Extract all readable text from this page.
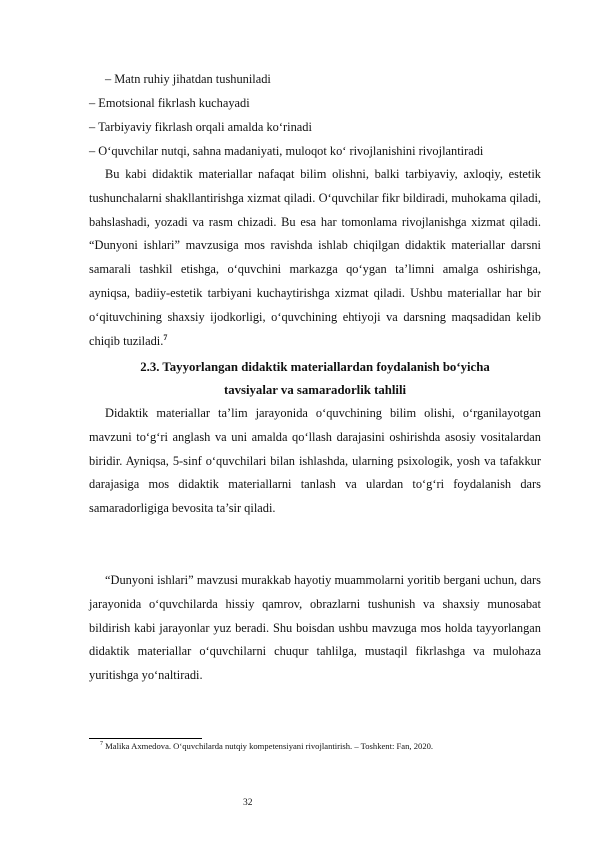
– Matn ruhiy jihatdan tushuniladi
– Emotsional fikrlash kuchayadi
– Tarbiyaviy fikrlash orqali amalda ko‘rinadi
– O‘quvchilar nutqi, sahna madaniyati, muloqot ko‘ rivojlanishini rivojlantiradi

Bu kabi didaktik materiallar nafaqat bilim olishni, balki tarbiyaviy, axloqiy, estetik tushunchalarni shakllantirishga xizmat qiladi. O‘quvchilar fikr bildiradi, muhokama qiladi, bahslashadi, yozadi va rasm chizadi. Bu esa har tomonlama rivojlanishga xizmat qiladi. “Dunyoni ishlari” mavzusiga mos ravishda ishlab chiqilgan didaktik materiallar darsni samarali tashkil etishga, o‘quvchini markazga qo‘ygan ta’limni amalga oshirishga, ayniqsa, badiiy-estetik tarbiyani kuchaytirishga xizmat qiladi. Ushbu materiallar har bir o‘qituvchining shaxsiy ijodkorligi, o‘quvchining ehtiyoji va darsning maqsadidan kelib chiqib tuziladi.$^7$

2.3. Tayyorlangan didaktik materiallardan foydalanish bo‘yicha
tavsiyalar va samaradorlik tahlili

Didaktik materiallar ta’lim jarayonida o‘quvchining bilim olishi, o‘rganilayotgan mavzuni to‘g‘ri anglash va uni amalda qo‘llash darajasini oshirishda asosiy vositalardan biridir. Ayniqsa, 5-sinf o‘quvchilari bilan ishlashda, ularning psixologik, yosh va tafakkur darajasiga mos didaktik materiallarni tanlash va ulardan to‘g‘ri foydalanish dars samaradorligiga bevosita ta’sir qiladi.

“Dunyoni ishlari” mavzusi murakkab hayotiy muammolarni yoritib bergani uchun, dars jarayonida o‘quvchilarda hissiy qamrov, obrazlarni tushunish va shaxsiy munosabat bildirish kabi jarayonlar yuz beradi. Shu boisdan ushbu mavzuga mos holda tayyorlangan didaktik materiallar o‘quvchilarni chuqur tahlilga, mustaqil fikrlashga va mulohaza yuritishga yo‘naltiradi.

$^7$ Malika Axmedova. O‘quvchilarda nutqiy kompetensiyani rivojlantirish. – Toshkent: Fan, 2020.
32
